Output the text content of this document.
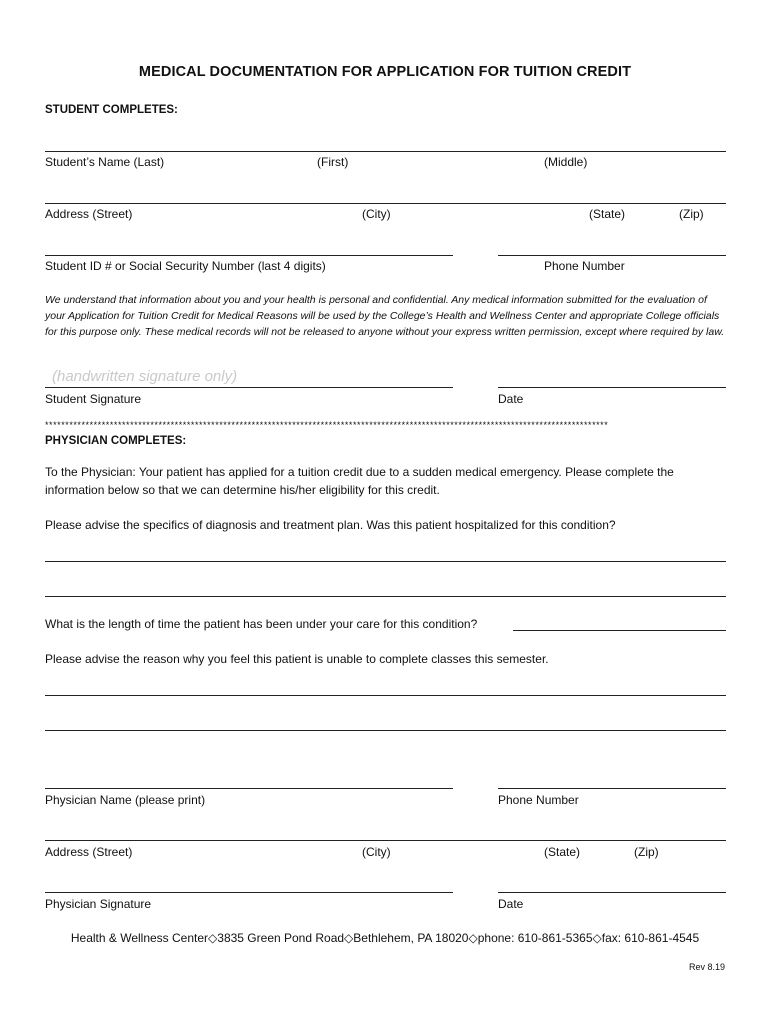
MEDICAL DOCUMENTATION FOR APPLICATION FOR TUITION CREDIT
STUDENT COMPLETES:
Student’s Name (Last)	(First)	(Middle)
Address (Street)	(City)	(State)	(Zip)
Student ID # or Social Security Number (last 4 digits)	Phone Number
We understand that information about you and your health is personal and confidential. Any medical information submitted for the evaluation of your Application for Tuition Credit for Medical Reasons will be used by the College’s Health and Wellness Center and appropriate College officials for this purpose only. These medical records will not be released to anyone without your express written permission, except where required by law.
(handwritten signature only)
Student Signature	Date
*******************************************************************************************************************************************
PHYSICIAN COMPLETES:
To the Physician: Your patient has applied for a tuition credit due to a sudden medical emergency. Please complete the information below so that we can determine his/her eligibility for this credit.
Please advise the specifics of diagnosis and treatment plan. Was this patient hospitalized for this condition?
What is the length of time the patient has been under your care for this condition?
Please advise the reason why you feel this patient is unable to complete classes this semester.
Physician Name (please print)	Phone Number
Address (Street)	(City)	(State)	(Zip)
Physician Signature	Date
Health & Wellness Center◇3835 Green Pond Road◇Bethlehem, PA 18020◇phone: 610-861-5365◇fax: 610-861-4545
Rev 8.19
